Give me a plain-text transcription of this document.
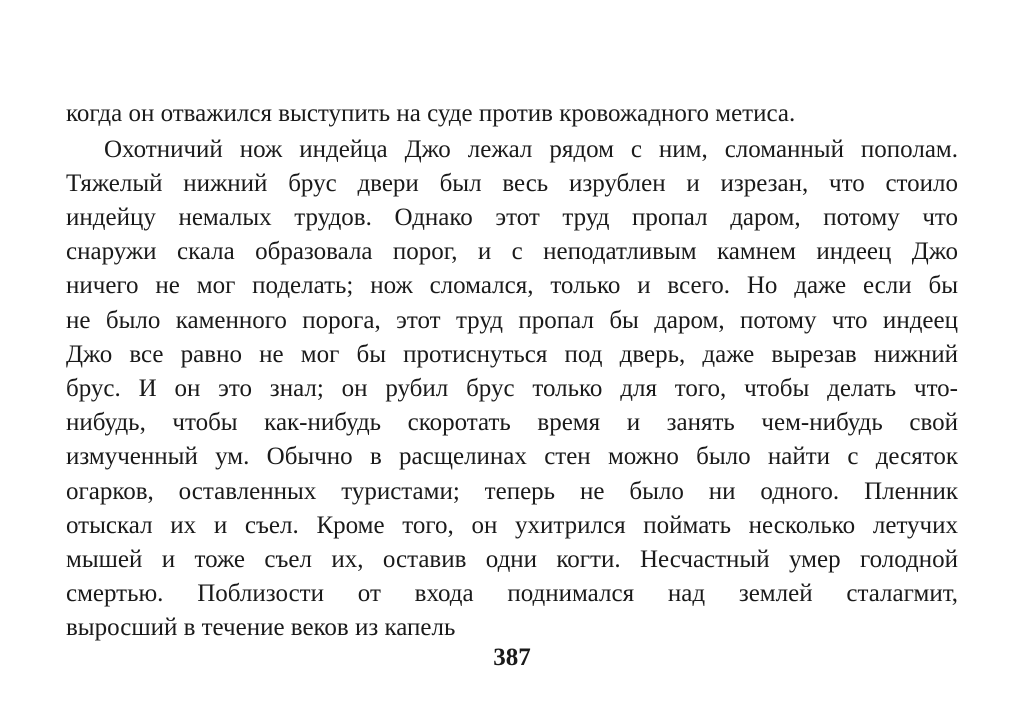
когда он отважился выступить на суде против кровожадного метиса.
Охотничий нож индейца Джо лежал рядом с ним, сломанный пополам.
Тяжелый нижний брус двери был весь изрублен и изрезан, что стоило
индейцу немалых трудов. Однако этот труд пропал даром, потому что
снаружи скала образовала порог, и с неподатливым камнем индеец Джо
ничего не мог поделать; нож сломался, только и всего. Но даже если бы
не было каменного порога, этот труд пропал бы даром, потому что индеец
Джо все равно не мог бы протиснуться под дверь, даже вырезав нижний
брус. И он это знал; он рубил брус только для того, чтобы делать что-
нибудь, чтобы как-нибудь скоротать время и занять чем-нибудь свой
измученный ум. Обычно в расщелинах стен можно было найти с десяток
огарков, оставленных туристами; теперь не было ни одного. Пленник
отыскал их и съел. Кроме того, он ухитрился поймать несколько летучих
мышей и тоже съел их, оставив одни когти. Несчастный умер голодной
смертью. Поблизости от входа поднимался над землей сталагмит,
выросший в течение веков из капель
387
